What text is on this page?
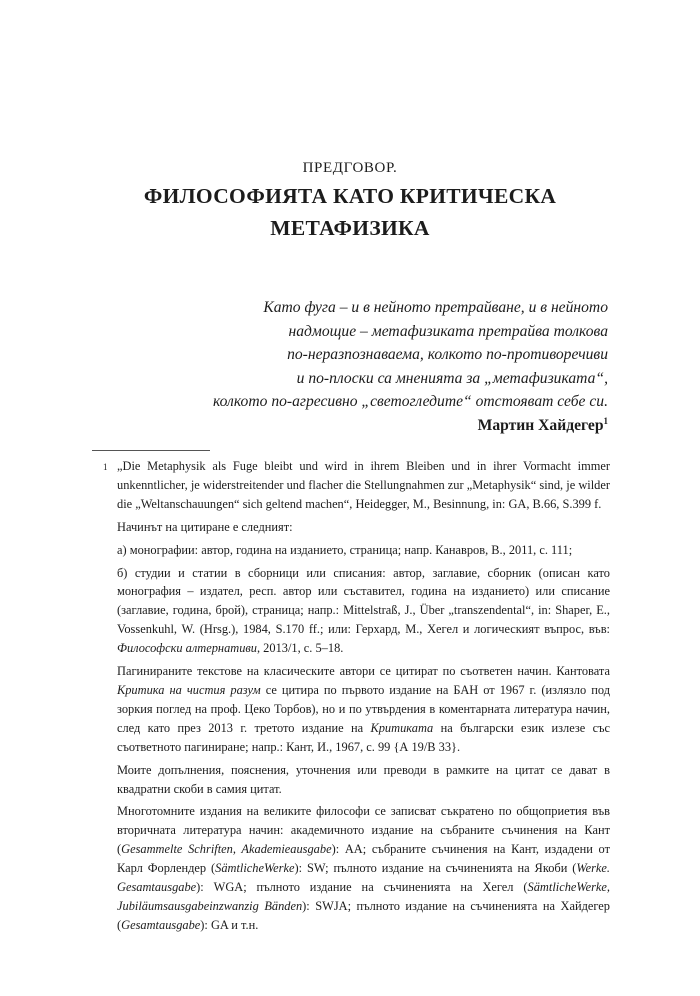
ПРЕДГОВОР.
ФИЛОСОФИЯТА КАТО КРИТИЧЕСКА
МЕТАФИЗИКА
Като фуга – и в нейното претрайване, и в нейното
надмощие – метафизиката претрайва толкова
по-неразпознаваема, колкото по-противоречиви
и по-плоски са мненията за „метафизиката“,
колкото по-агресивно „светогледите“ отстояват себе си.
Мартин Хайдегер$^1$

1 „Die Metaphysik als Fuge bleibt und wird in ihrem Bleiben und in ihrer Vormacht immer unkenntlicher, je widerstreitender und flacher die Stellungnahmen zur „Metaphysik“ sind, je wilder die „Weltanschauungen“ sich geltend machen“, Heidegger, M., Besinnung, in: GA, B.66, S.399 f.

Начинът на цитиране е следният:

а) монографии: автор, година на изданието, страница; напр. Канавров, В., 2011, с. 111;

б) студии и статии в сборници или списания: автор, заглавие, сборник (описан като монография – издател, респ. автор или съставител, година на изданието) или списание (заглавие, година, брой), страница; напр.: Mittelstraß, J., Über „transzendental“, in: Shaper, E., Vossenkuhl, W. (Hrsg.), 1984, S.170 ff.; или: Герхард, М., Хегел и логическият въпрос, във: Философски алтернативи, 2013/1, с. 5–18.

Пагинираните текстове на класическите автори се цитират по съответен начин. Кантовата Критика на чистия разум се цитира по първото издание на БАН от 1967 г. (излязло под зоркия поглед на проф. Цеко Торбов), но и по утвърдения в коментарната литература начин, след като през 2013 г. третото издание на Критиката на български език излезе със съответното пагиниране; напр.: Кант, И., 1967, с. 99 {А 19/В 33}.

Моите допълнения, пояснения, уточнения или преводи в рамките на цитат се дават в квадратни скоби в самия цитат.

Многотомните издания на великите философи се записват съкратено по общоприетия във вторичната литература начин: академичното издание на събраните съчинения на Кант (Gesammelte Schriften, Akademieausgabe): АА; събраните съчинения на Кант, издадени от Карл Форлендер (SämtlicheWerke): SW; пълното издание на съчиненията на Якоби (Werke. Gesamtausgabe): WGA; пълното издание на съчиненията на Хегел (SämtlicheWerke, Jubiläumsausgabeinzwanzig Bänden): SWJA; пълното издание на съчиненията на Хайдегер (Gesamtausgabe): GA и т.н.
